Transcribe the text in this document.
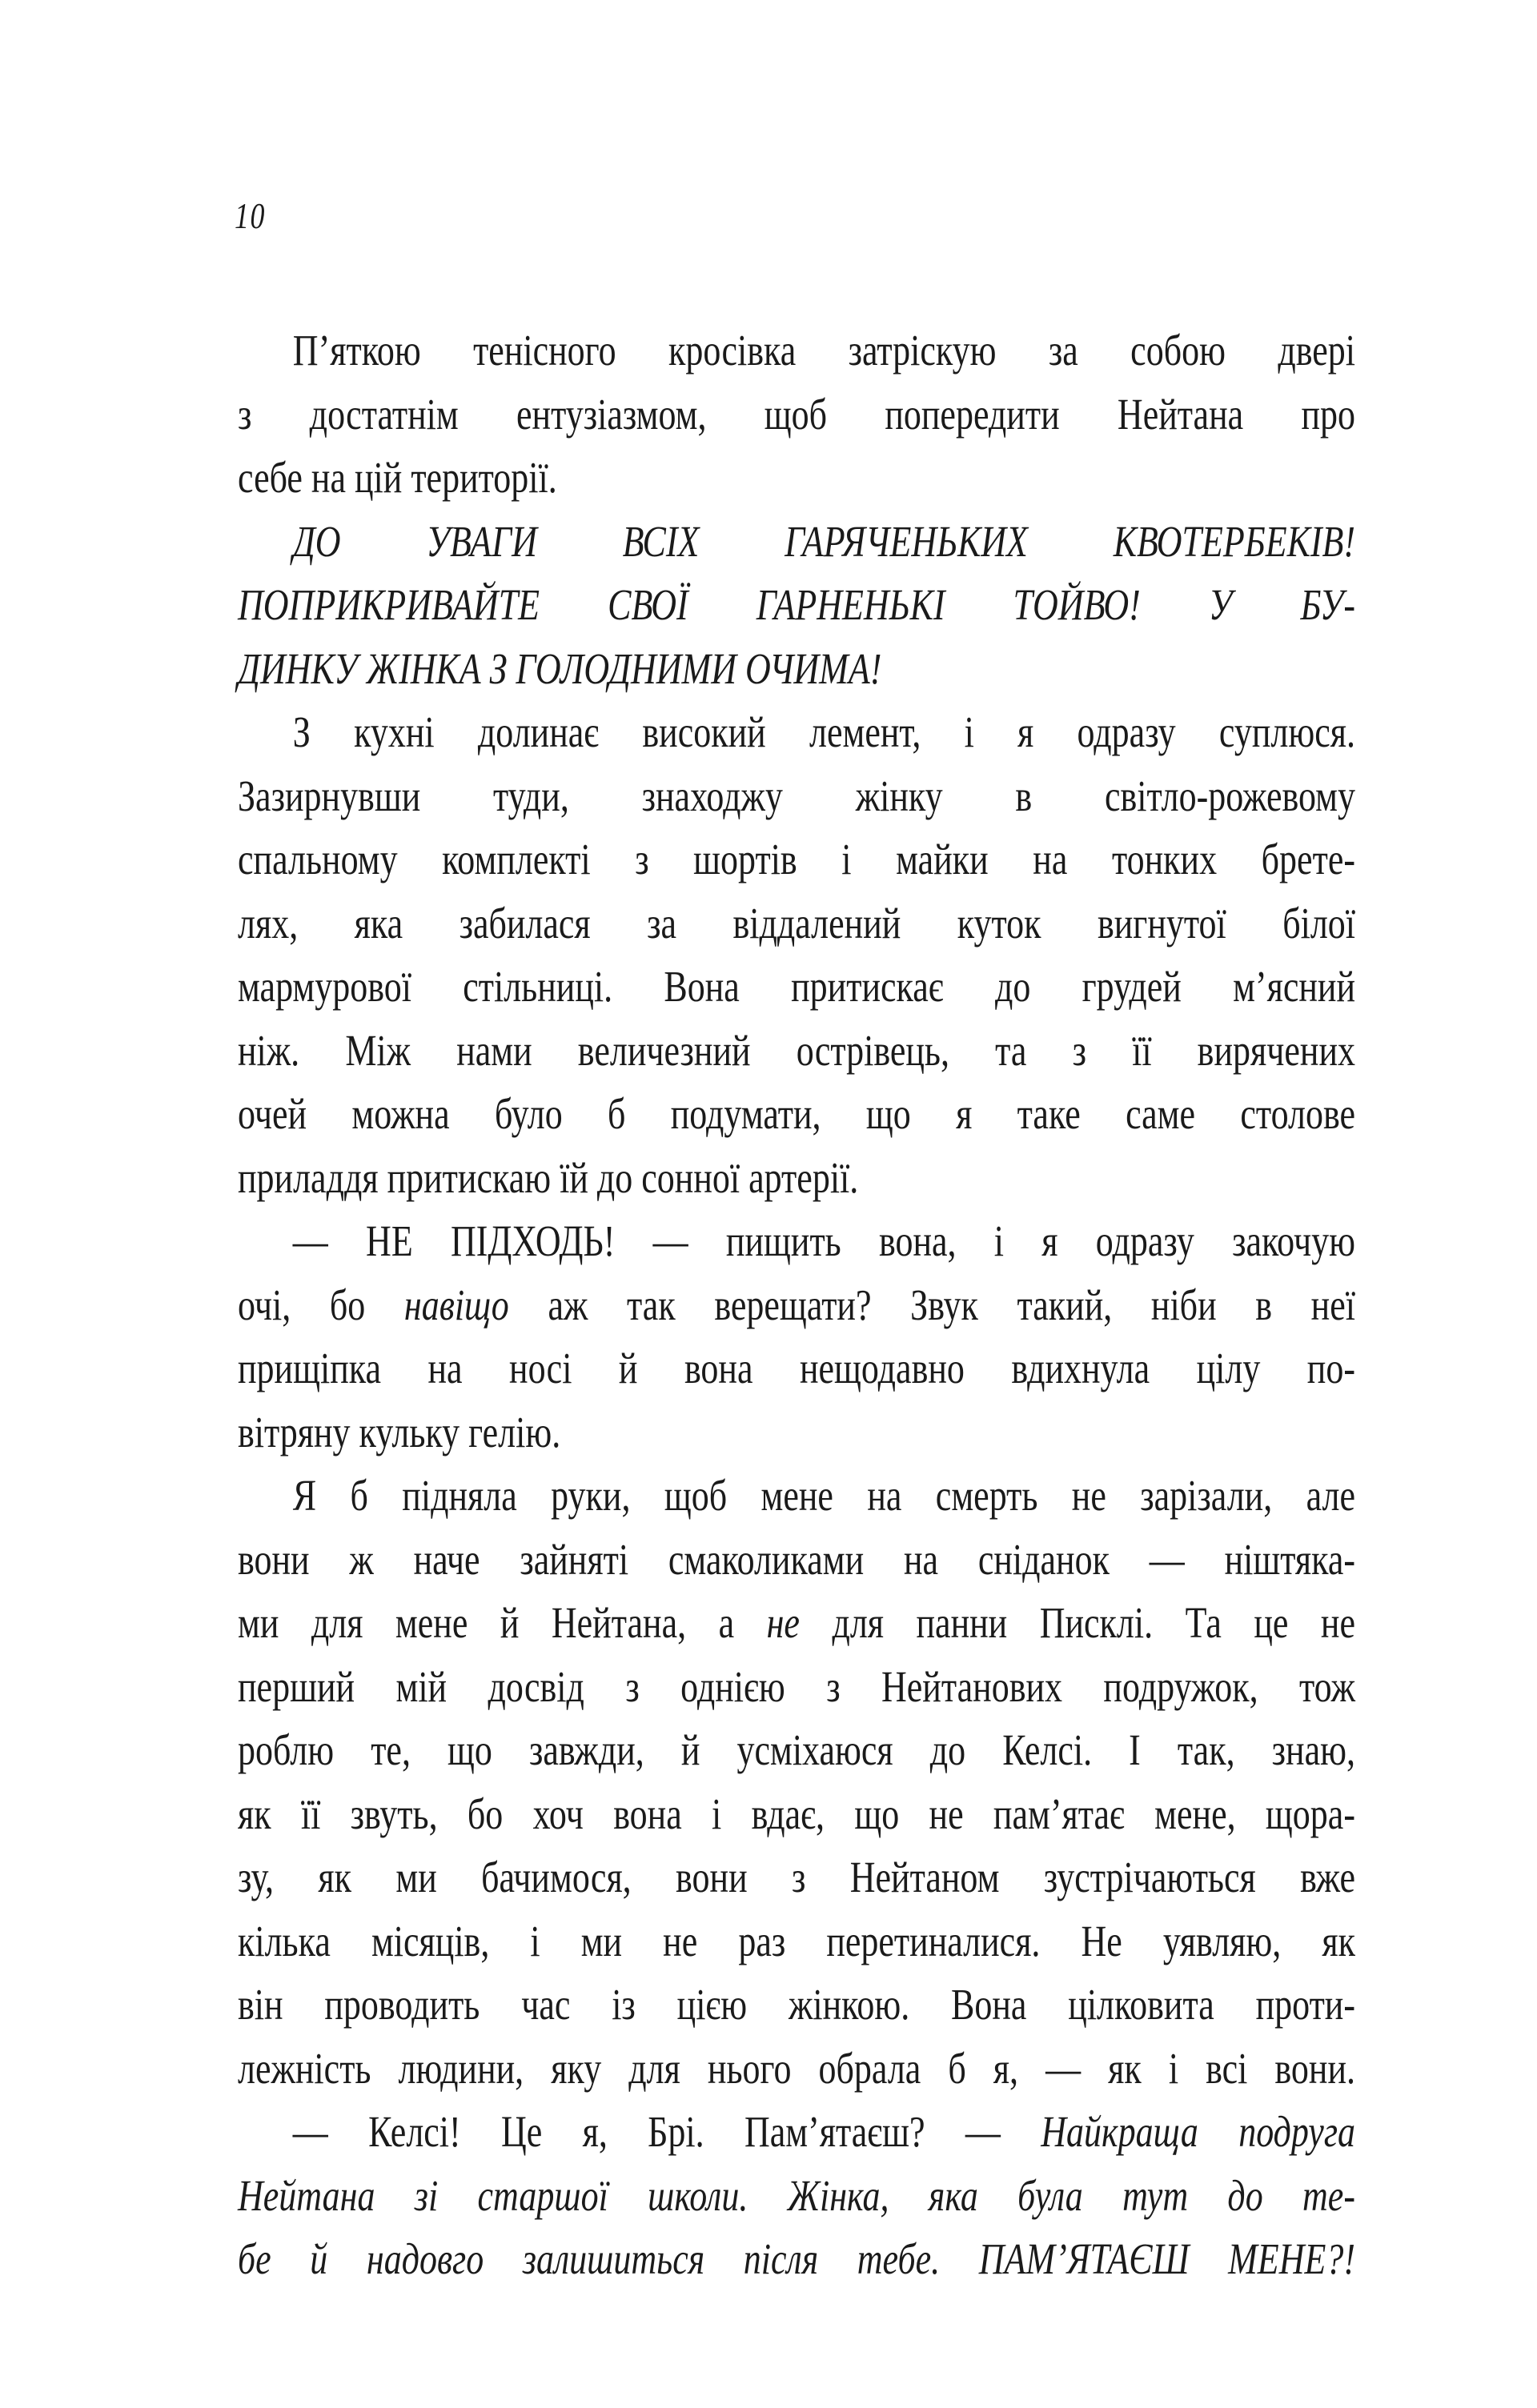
10
П’яткою тенісного кросівка затріскую за собою двері
з достатнім ентузіазмом, щоб попередити Нейтана про
себе на цій території.
ДО УВАГИ ВСІХ ГАРЯЧЕНЬКИХ КВОТЕРБЕКІВ!
ПОПРИКРИВАЙТЕ СВОЇ ГАРНЕНЬКІ ТОЙВО! У БУ-
ДИНКУ ЖІНКА З ГОЛОДНИМИ ОЧИМА!
З кухні долинає високий лемент, і я одразу суплюся.
Зазирнувши туди, знаходжу жінку в світло-рожевому
спальному комплекті з шортів і майки на тонких брете-
лях, яка забилася за віддалений куток вигнутої білої
мармурової стільниці. Вона притискає до грудей м’ясний
ніж. Між нами величезний острівець, та з її вирячених
очей можна було б подумати, що я таке саме столове
приладдя притискаю їй до сонної артерії.
— НЕ ПІДХОДЬ! — пищить вона, і я одразу закочую
очі, бо навіщо аж так верещати? Звук такий, ніби в неї
прищіпка на носі й вона нещодавно вдихнула цілу по-
вітряну кульку гелію.
Я б підняла руки, щоб мене на смерть не зарізали, але
вони ж наче зайняті смаколиками на сніданок — ніштяка-
ми для мене й Нейтана, а не для панни Писклі. Та це не
перший мій досвід з однією з Нейтанових подружок, тож
роблю те, що завжди, й усміхаюся до Келсі. І так, знаю,
як її звуть, бо хоч вона і вдає, що не пам’ятає мене, щора-
зу, як ми бачимося, вони з Нейтаном зустрічаються вже
кілька місяців, і ми не раз перетиналися. Не уявляю, як
він проводить час із цією жінкою. Вона цілковита проти-
лежність людини, яку для нього обрала б я, — як і всі вони.
— Келсі! Це я, Брі. Пам’ятаєш? — Найкраща подруга
Нейтана зі старшої школи. Жінка, яка була тут до те-
бе й надовго залишиться після тебе. ПАМ’ЯТАЄШ МЕНЕ?!
